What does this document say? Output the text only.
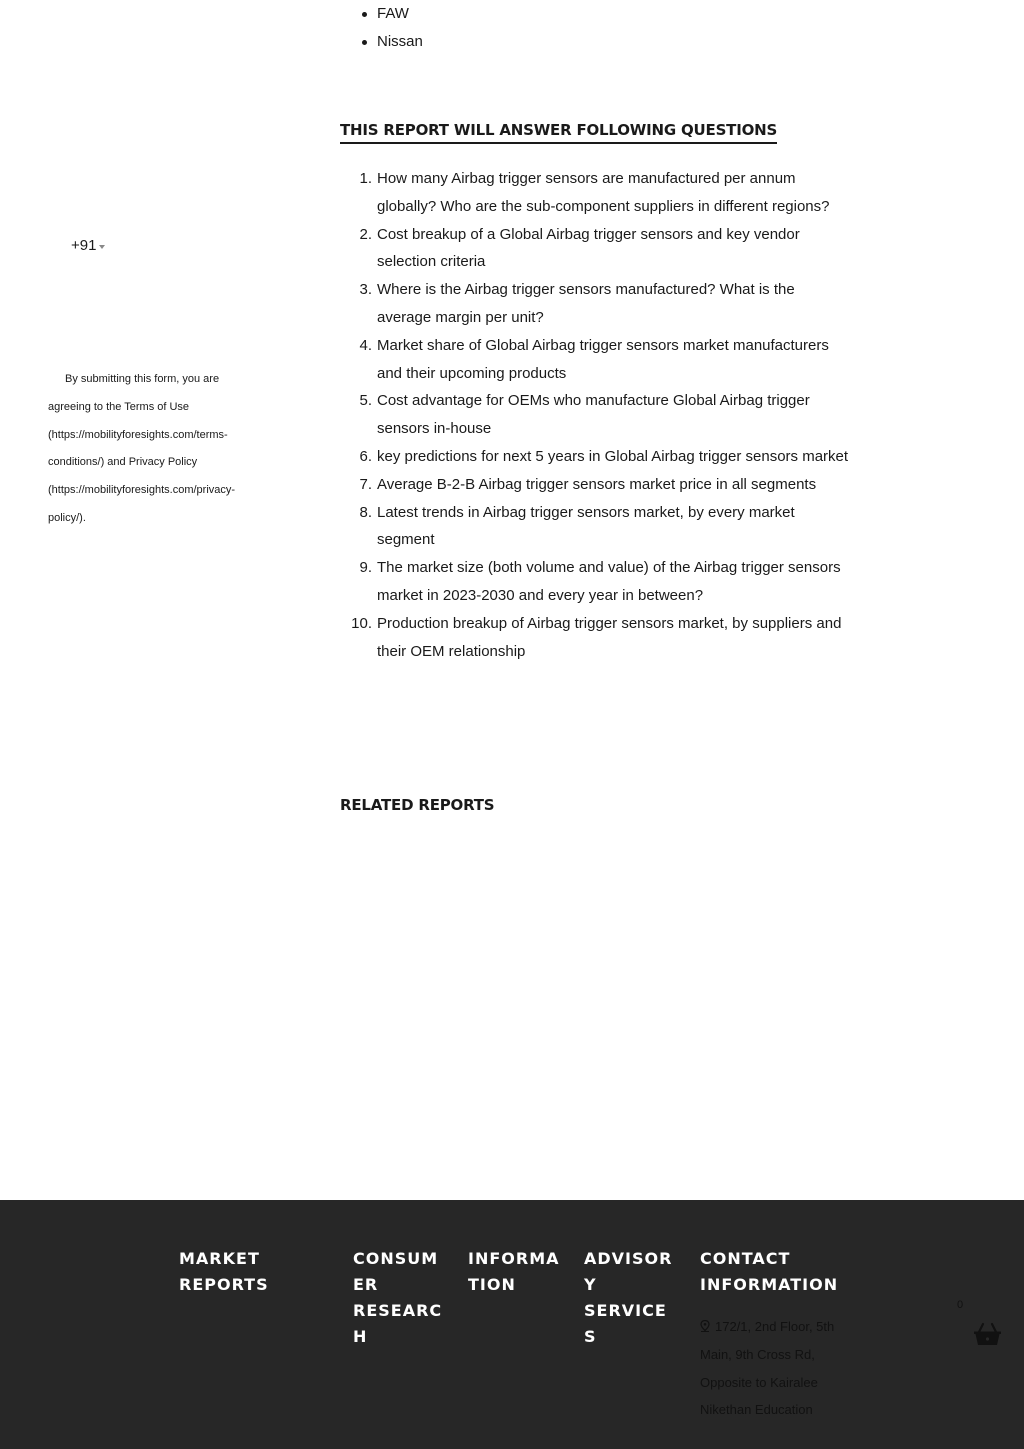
FAW
Nissan
THIS REPORT WILL ANSWER FOLLOWING QUESTIONS
1. How many Airbag trigger sensors are manufactured per annum
globally? Who are the sub-component suppliers in different regions?
2. Cost breakup of a Global Airbag trigger sensors and key vendor
selection criteria
3. Where is the Airbag trigger sensors manufactured? What is the
average margin per unit?
4. Market share of Global Airbag trigger sensors market manufacturers
and their upcoming products
5. Cost advantage for OEMs who manufacture Global Airbag trigger
sensors in-house
6. key predictions for next 5 years in Global Airbag trigger sensors market
7. Average B-2-B Airbag trigger sensors market price in all segments
8. Latest trends in Airbag trigger sensors market, by every market
segment
9. The market size (both volume and value) of the Airbag trigger sensors
market in 2023-2030 and every year in between?
10. Production breakup of Airbag trigger sensors market, by suppliers and
their OEM relationship
+91
By submitting this form, you are
agreeing to the Terms of Use
(https://mobilityforesights.com/terms-
conditions/) and Privacy Policy
(https://mobilityforesights.com/privacy-
policy/).
RELATED REPORTS
MARKET
REPORTS
CONSUM
ER
RESEARC
H
INFORMA
TION
ADVISOR
Y
SERVICE
S
CONTACT
INFORMATION
172/1, 2nd Floor, 5th
Main, 9th Cross Rd,
Opposite to Kairalee
Nikethan Education
0
